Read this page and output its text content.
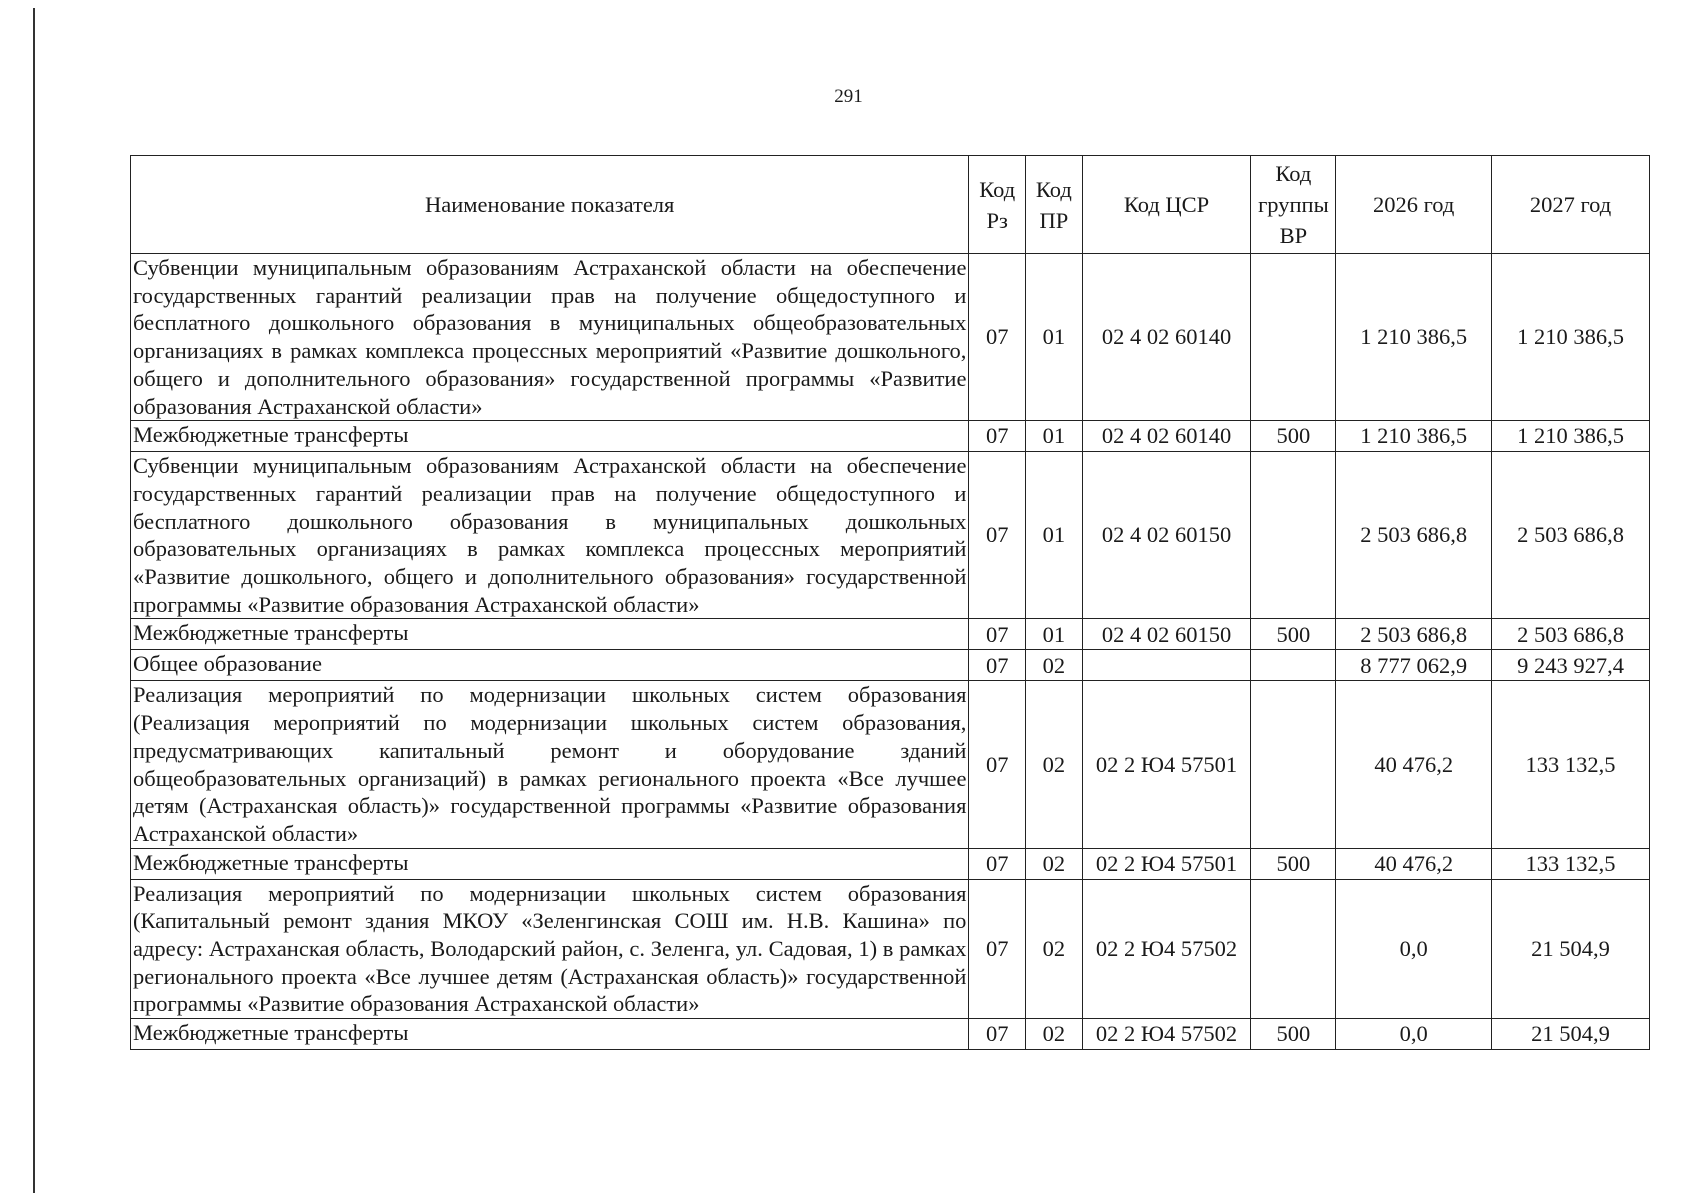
291
Наименование показателя	Код Рз	Код ПР	Код ЦСР	Код группы ВР	2026 год	2027 год
Субвенции муниципальным образованиям Астраханской области на обеспечение государственных гарантий реализации прав на получение общедоступного и бесплатного дошкольного образования в муниципальных общеобразовательных организациях в рамках комплекса процессных мероприятий «Развитие дошкольного, общего и дополнительного образования» государственной программы «Развитие образования Астраханской области»	07	01	02 4 02 60140		1 210 386,5	1 210 386,5
Межбюджетные трансферты	07	01	02 4 02 60140	500	1 210 386,5	1 210 386,5
Субвенции муниципальным образованиям Астраханской области на обеспечение государственных гарантий реализации прав на получение общедоступного и бесплатного дошкольного образования в муниципальных дошкольных образовательных организациях в рамках комплекса процессных мероприятий «Развитие дошкольного, общего и дополнительного образования» государственной программы «Развитие образования Астраханской области»	07	01	02 4 02 60150		2 503 686,8	2 503 686,8
Межбюджетные трансферты	07	01	02 4 02 60150	500	2 503 686,8	2 503 686,8
Общее образование	07	02			8 777 062,9	9 243 927,4
Реализация мероприятий по модернизации школьных систем образования (Реализация мероприятий по модернизации школьных систем образования, предусматривающих капитальный ремонт и оборудование зданий общеобразовательных организаций) в рамках регионального проекта «Все лучшее детям (Астраханская область)» государственной программы «Развитие образования Астраханской области»	07	02	02 2 Ю4 57501		40 476,2	133 132,5
Межбюджетные трансферты	07	02	02 2 Ю4 57501	500	40 476,2	133 132,5
Реализация мероприятий по модернизации школьных систем образования (Капитальный ремонт здания МКОУ «Зеленгинская СОШ им. Н.В. Кашина» по адресу: Астраханская область, Володарский район, с. Зеленга, ул. Садовая, 1) в рамках регионального проекта «Все лучшее детям (Астраханская область)» государственной программы «Развитие образования Астраханской области»	07	02	02 2 Ю4 57502		0,0	21 504,9
Межбюджетные трансферты	07	02	02 2 Ю4 57502	500	0,0	21 504,9
